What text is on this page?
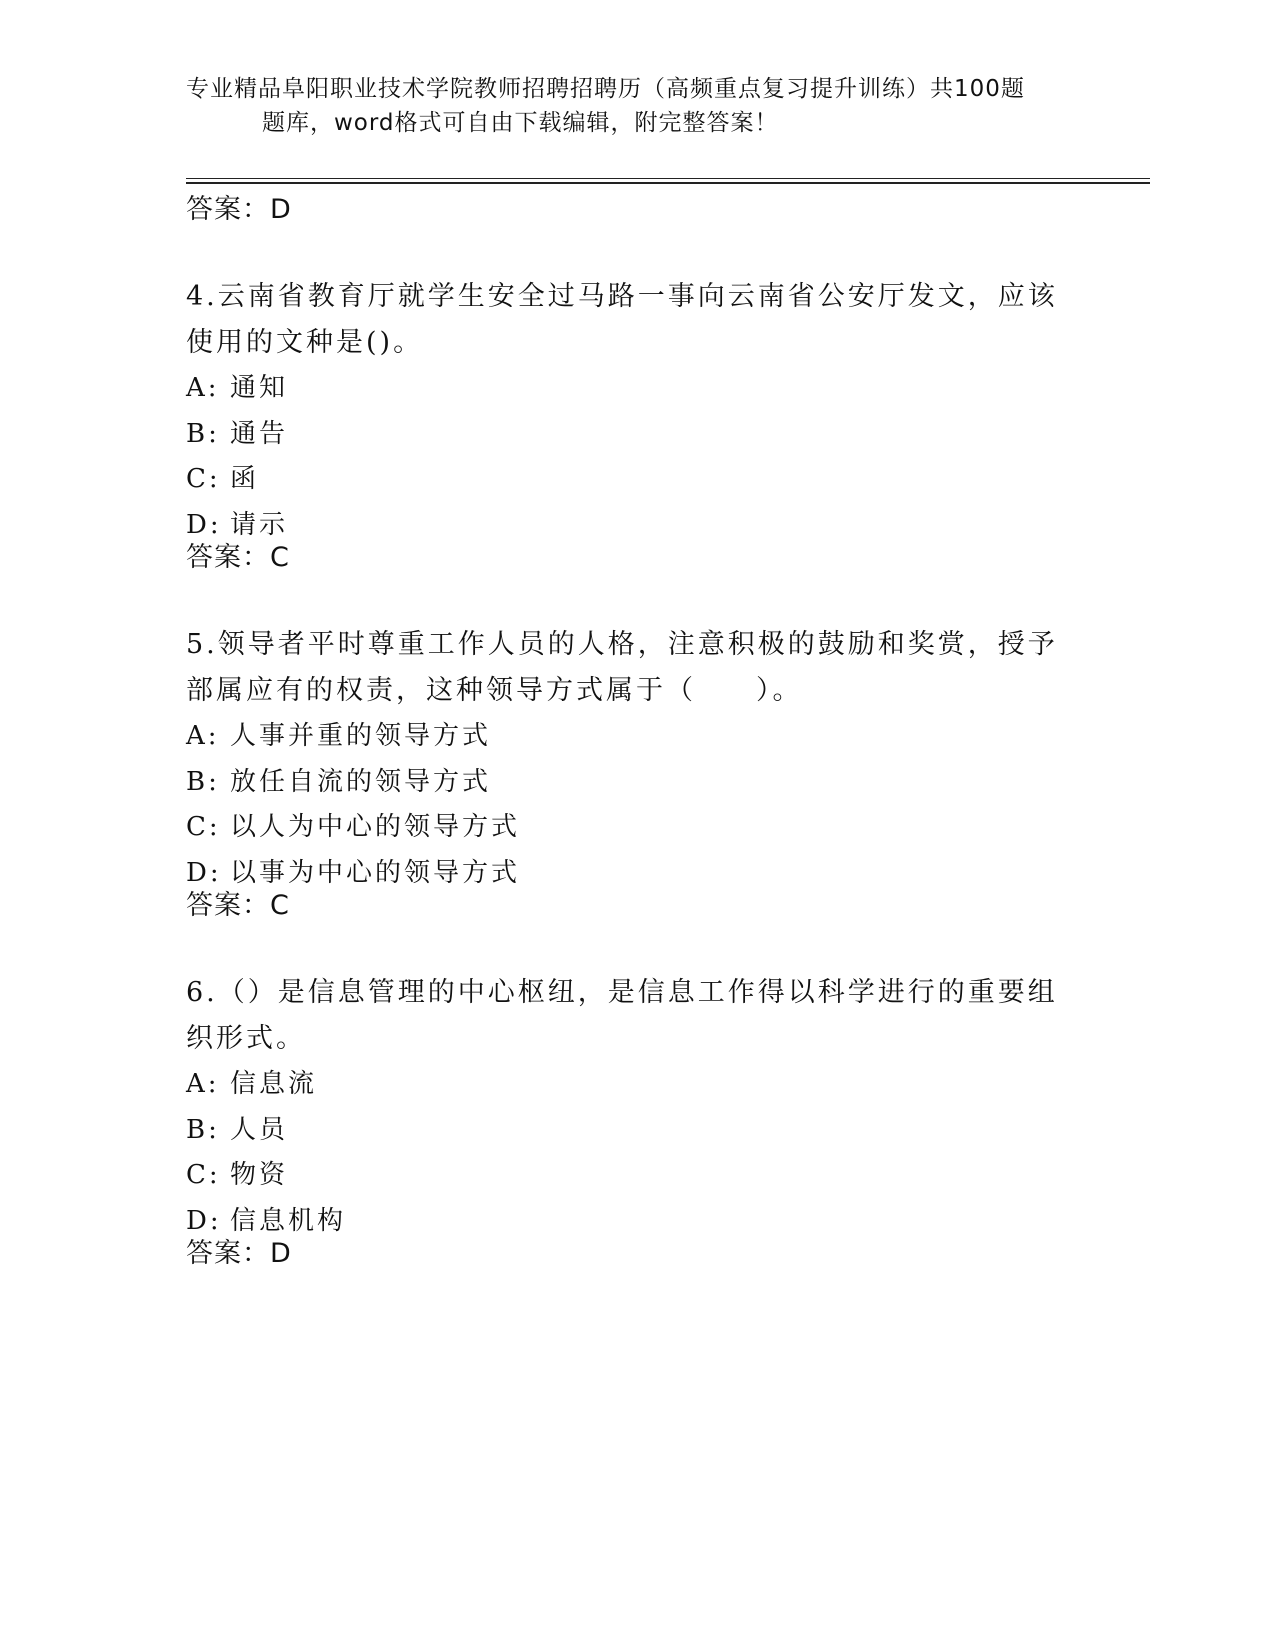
专业精品阜阳职业技术学院教师招聘招聘历（高频重点复习提升训练）共100题
题库，word格式可自由下载编辑，附完整答案！
答案：D
4.云南省教育厅就学生安全过马路一事向云南省公安厅发文，应该使用的文种是()。
A: 通知
B: 通告
C: 函
D: 请示
答案：C
5.领导者平时尊重工作人员的人格，注意积极的鼓励和奖赏，授予部属应有的权责，这种领导方式属于（　　）。
A: 人事并重的领导方式
B: 放任自流的领导方式
C: 以人为中心的领导方式
D: 以事为中心的领导方式
答案：C
6.（）是信息管理的中心枢纽，是信息工作得以科学进行的重要组织形式。
A: 信息流
B: 人员
C: 物资
D: 信息机构
答案：D
